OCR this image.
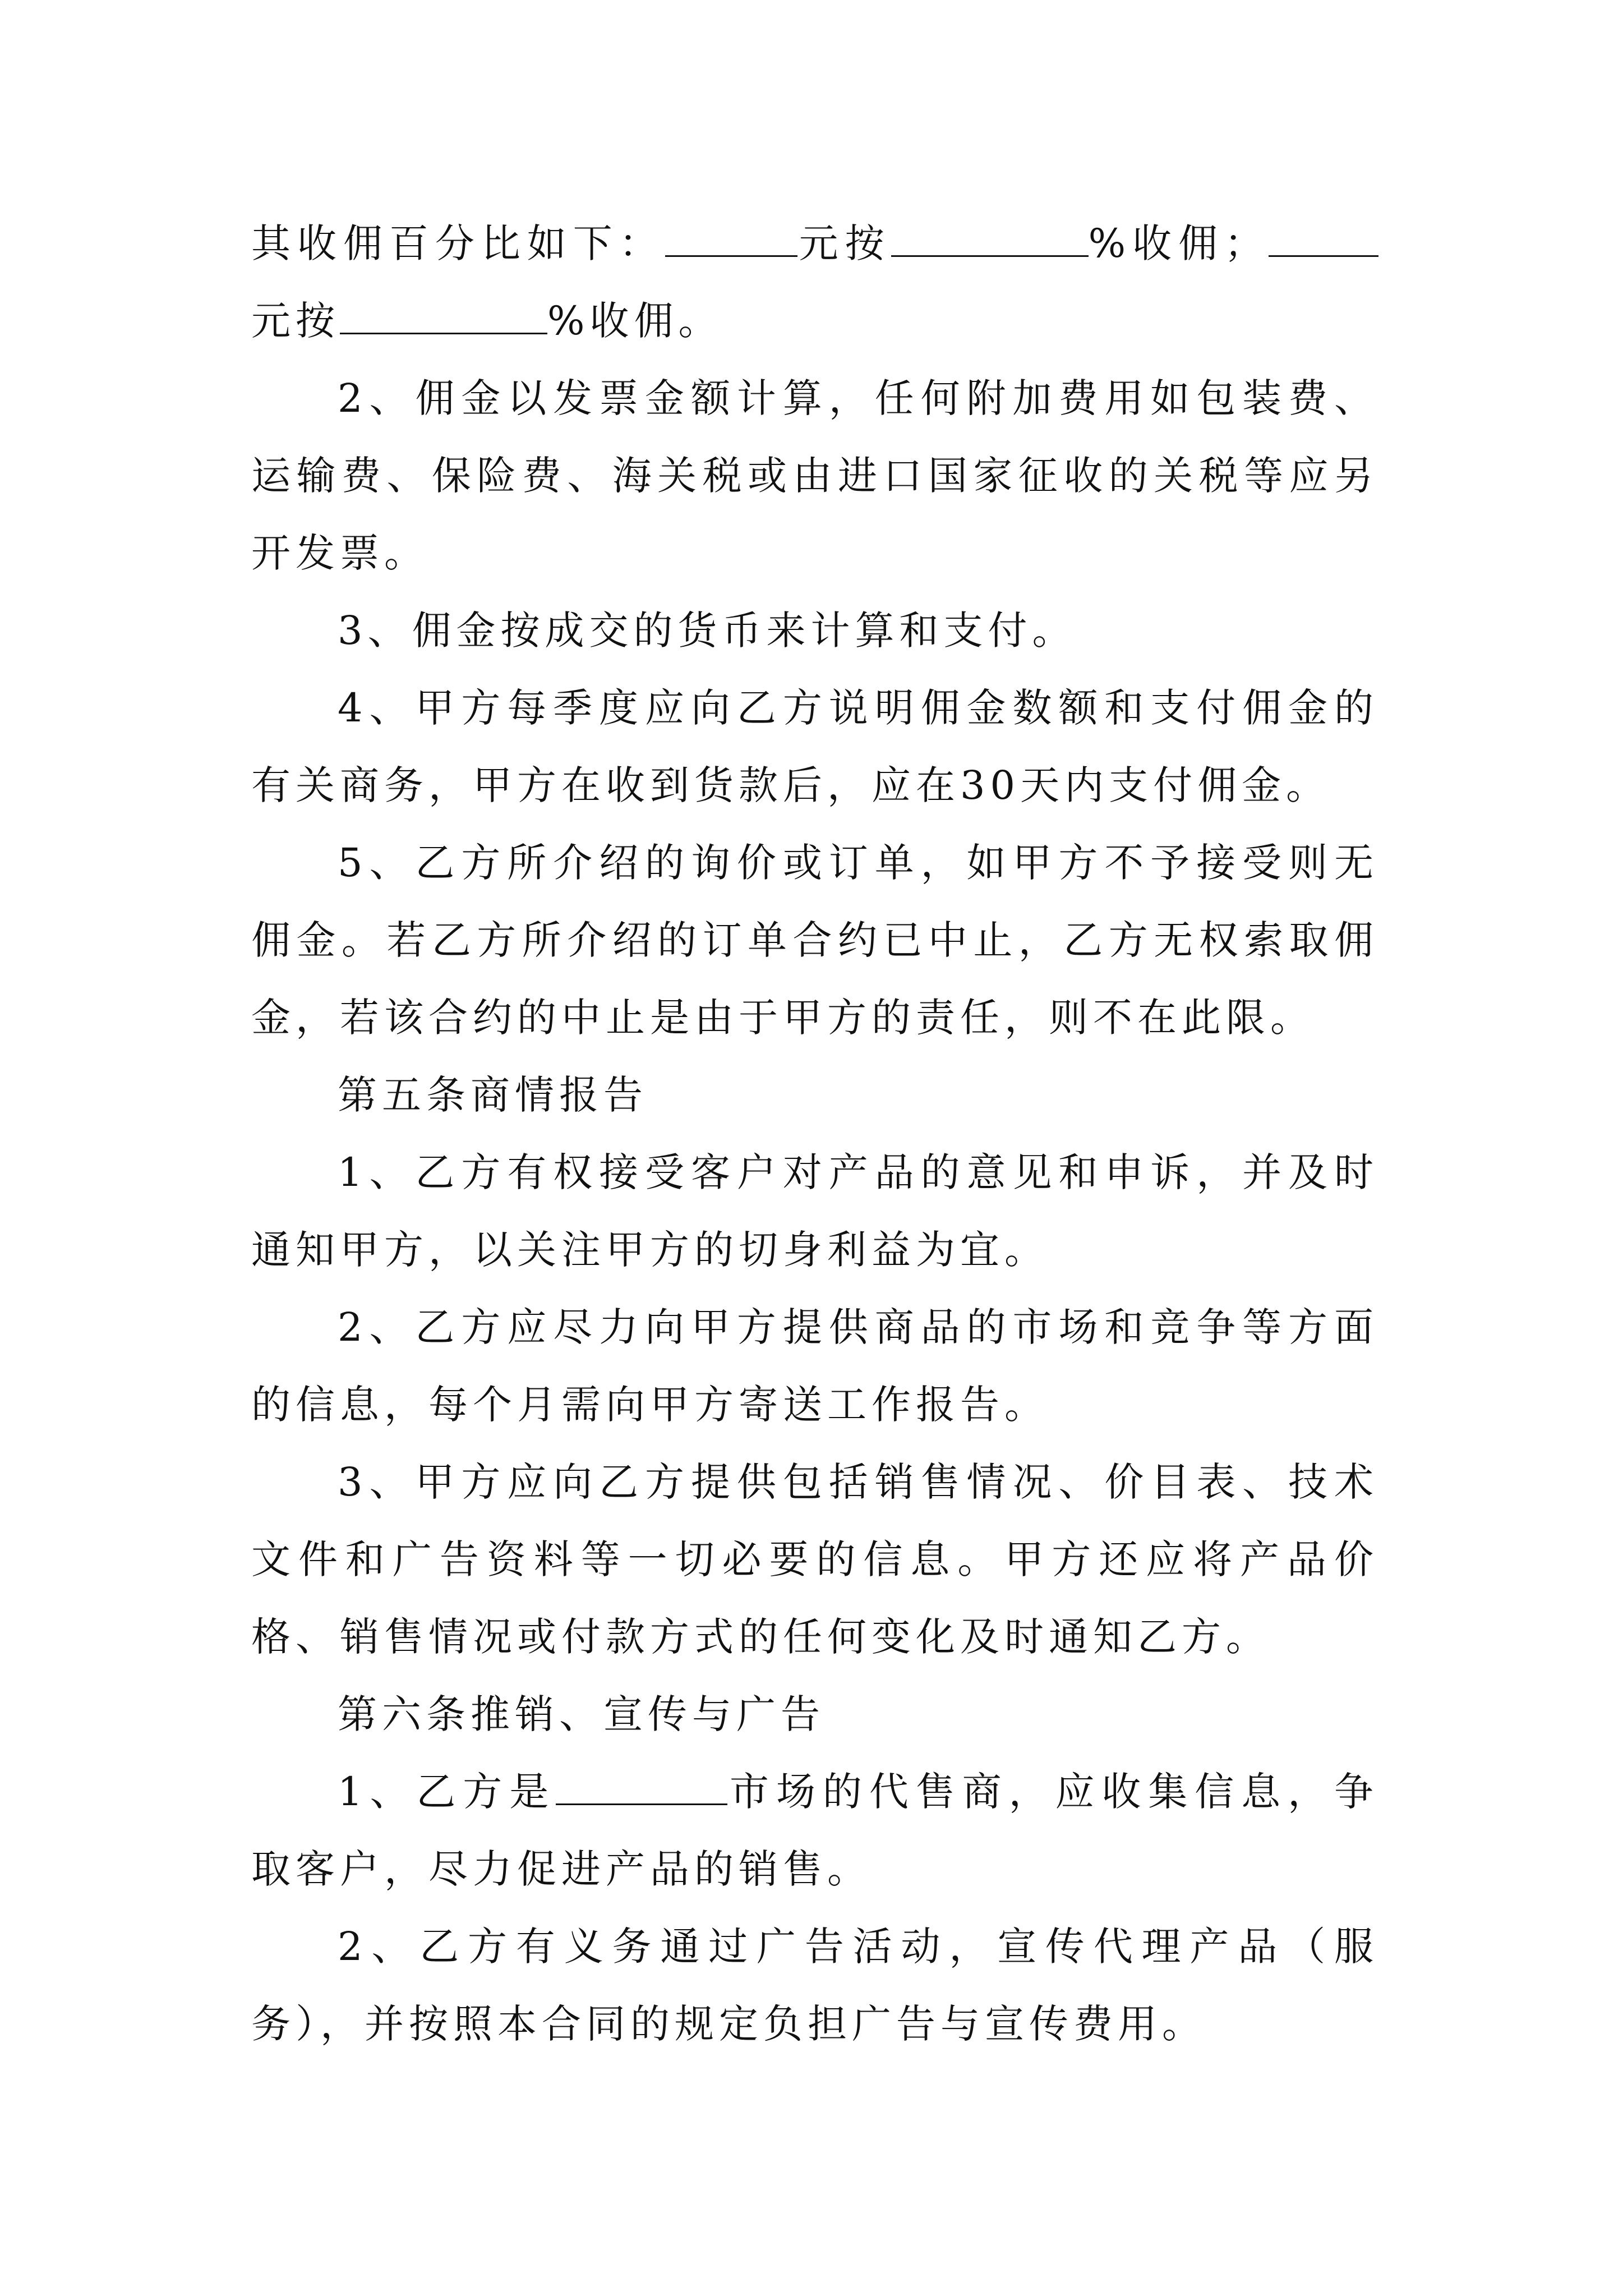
其收佣百分比如下：	元按	%收佣；元按	%收佣。

2、佣金以发票金额计算，任何附加费用如包装费、运输费、保险费、海关税或由进口国家征收的关税等应另开发票。

3、佣金按成交的货币来计算和支付。

4、甲方每季度应向乙方说明佣金数额和支付佣金的有关商务，甲方在收到货款后，应在30天内支付佣金。

5、乙方所介绍的询价或订单，如甲方不予接受则无佣金。若乙方所介绍的订单合约已中止，乙方无权索取佣金，若该合约的中止是由于甲方的责任，则不在此限。

第五条商情报告

1、乙方有权接受客户对产品的意见和申诉，并及时通知甲方，以关注甲方的切身利益为宜。

2、乙方应尽力向甲方提供商品的市场和竞争等方面的信息，每个月需向甲方寄送工作报告。

3、甲方应向乙方提供包括销售情况、价目表、技术文件和广告资料等一切必要的信息。甲方还应将产品价格、销售情况或付款方式的任何变化及时通知乙方。

第六条推销、宣传与广告

1、乙方是	市场的代售商，应收集信息，争取客户，尽力促进产品的销售。

2、乙方有义务通过广告活动，宣传代理产品（服务），并按照本合同的规定负担广告与宣传费用。
